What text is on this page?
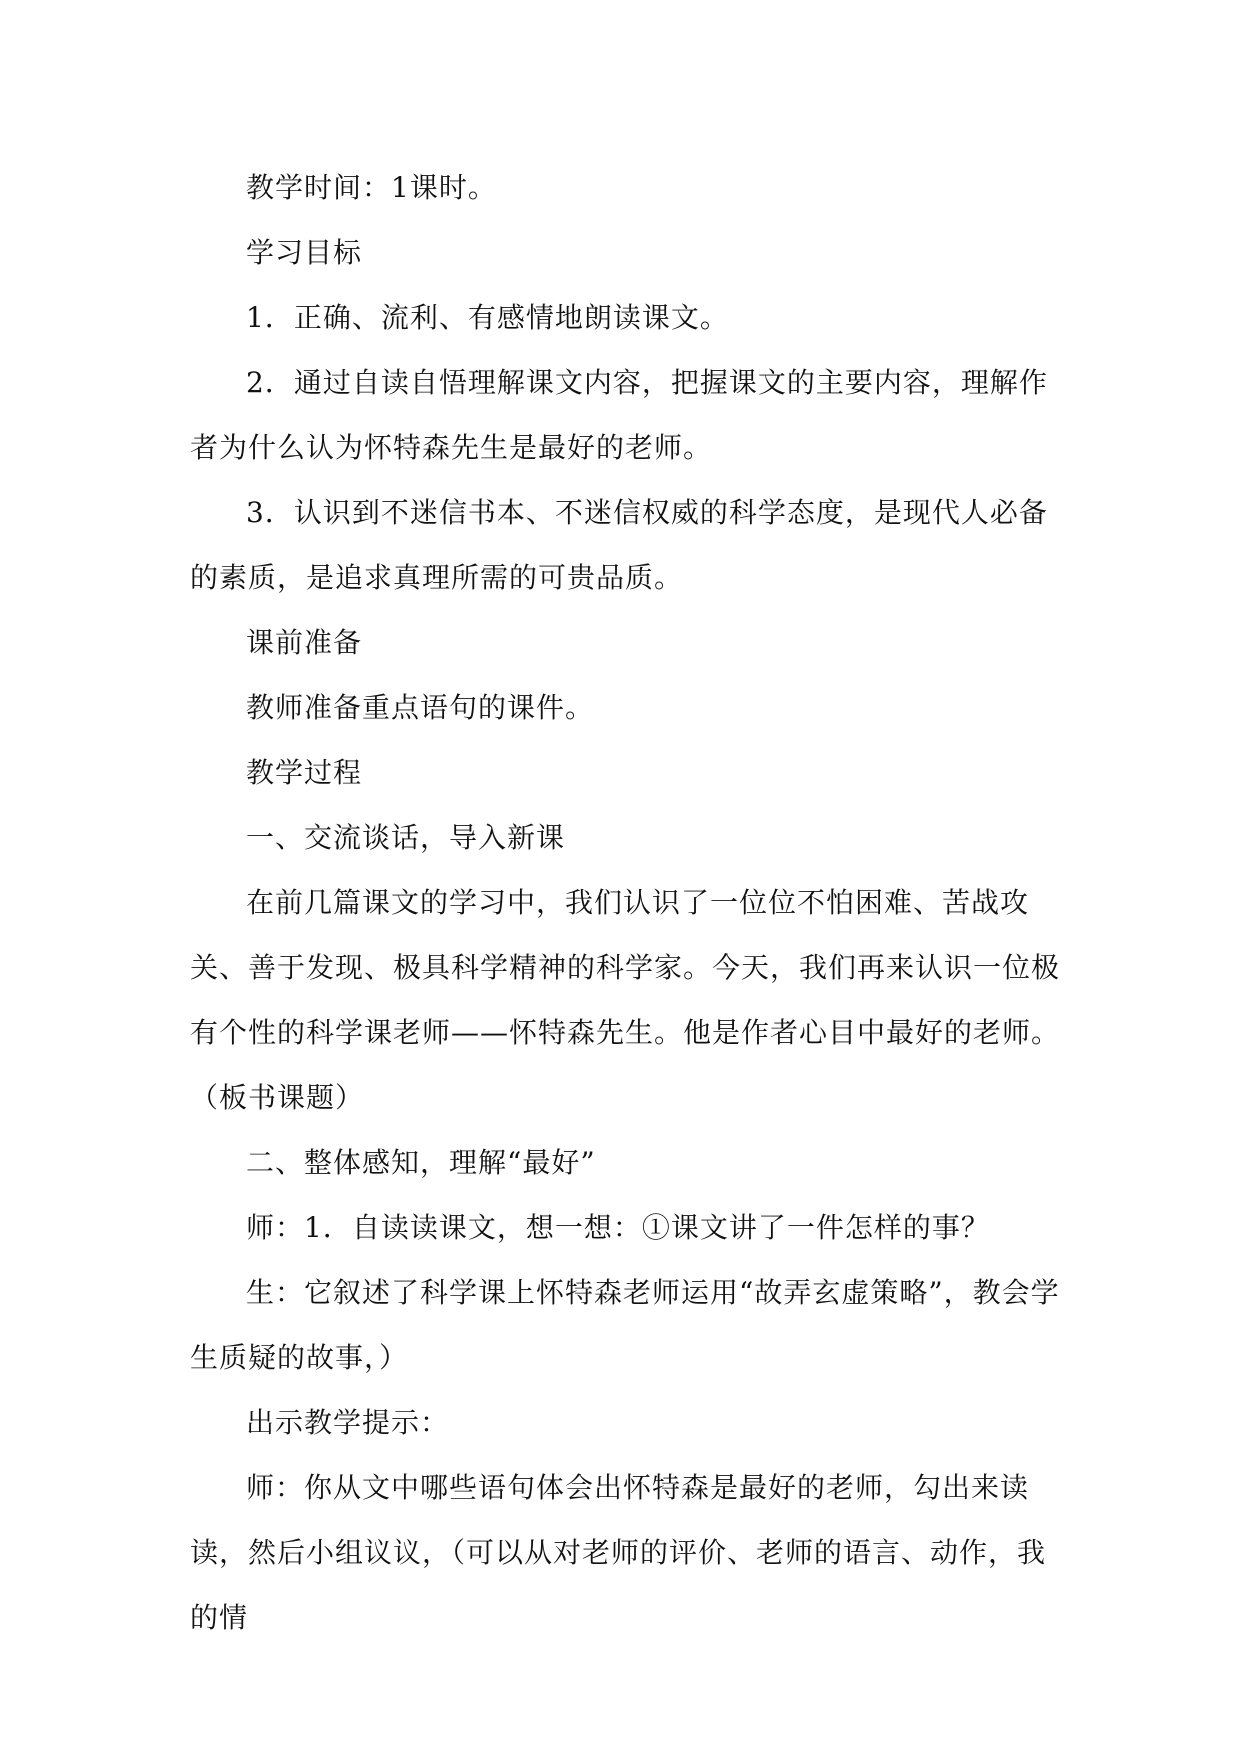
教学时间：1课时。

学习目标

1．正确、流利、有感情地朗读课文。

2．通过自读自悟理解课文内容，把握课文的主要内容，理解作者为什么认为怀特森先生是最好的老师。

3．认识到不迷信书本、不迷信权威的科学态度，是现代人必备的素质，是追求真理所需的可贵品质。

课前准备

教师准备重点语句的课件。

教学过程

一、交流谈话，导入新课

在前几篇课文的学习中，我们认识了一位位不怕困难、苦战攻关、善于发现、极具科学精神的科学家。今天，我们再来认识一位极有个性的科学课老师——怀特森先生。他是作者心目中最好的老师。（板书课题）

二、整体感知，理解“最好”

师：1．自读读课文，想一想：①课文讲了一件怎样的事？

生：它叙述了科学课上怀特森老师运用“故弄玄虚策略”，教会学生质疑的故事，）

出示教学提示：

师：你从文中哪些语句体会出怀特森是最好的老师，勾出来读读，然后小组议议，（可以从对老师的评价、老师的语言、动作，我的情
